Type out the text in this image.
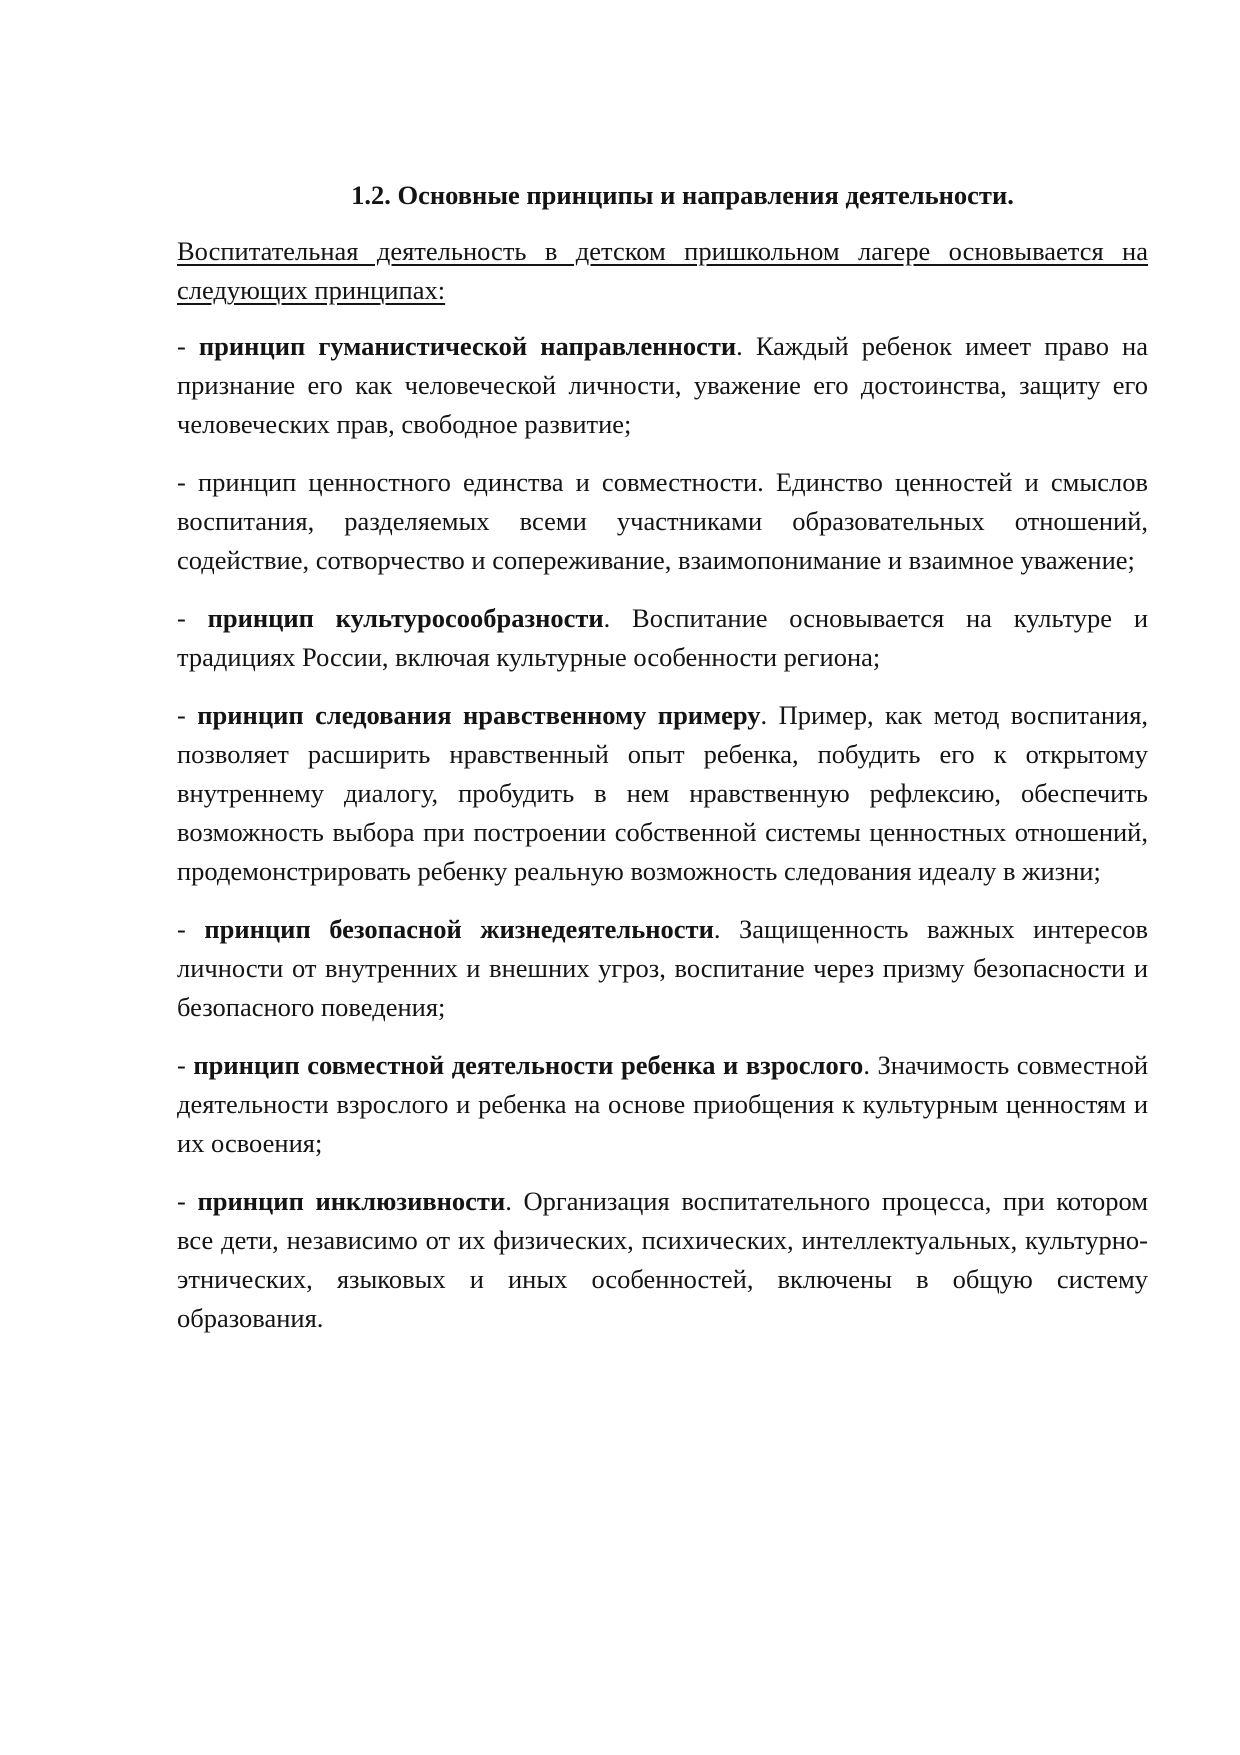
1.2. Основные принципы и направления деятельности.

Воспитательная деятельность в детском пришкольном лагере основывается на следующих принципах:

- принцип гуманистической направленности. Каждый ребенок имеет право на признание его как человеческой личности, уважение его достоинства, защиту его человеческих прав, свободное развитие;

- принцип ценностного единства и совместности. Единство ценностей и смыслов воспитания, разделяемых всеми участниками образовательных отношений, содействие, сотворчество и сопереживание, взаимопонимание и взаимное уважение;

- принцип культуросообразности. Воспитание основывается на культуре и традициях России, включая культурные особенности региона;

- принцип следования нравственному примеру. Пример, как метод воспитания, позволяет расширить нравственный опыт ребенка, побудить его к открытому внутреннему диалогу, пробудить в нем нравственную рефлексию, обеспечить возможность выбора при построении собственной системы ценностных отношений, продемонстрировать ребенку реальную возможность следования идеалу в жизни;

- принцип безопасной жизнедеятельности. Защищенность важных интересов личности от внутренних и внешних угроз, воспитание через призму безопасности и безопасного поведения;

- принцип совместной деятельности ребенка и взрослого. Значимость совместной деятельности взрослого и ребенка на основе приобщения к культурным ценностям и их освоения;

- принцип инклюзивности. Организация воспитательного процесса, при котором все дети, независимо от их физических, психических, интеллектуальных, культурно-этнических, языковых и иных особенностей, включены в общую систему образования.
